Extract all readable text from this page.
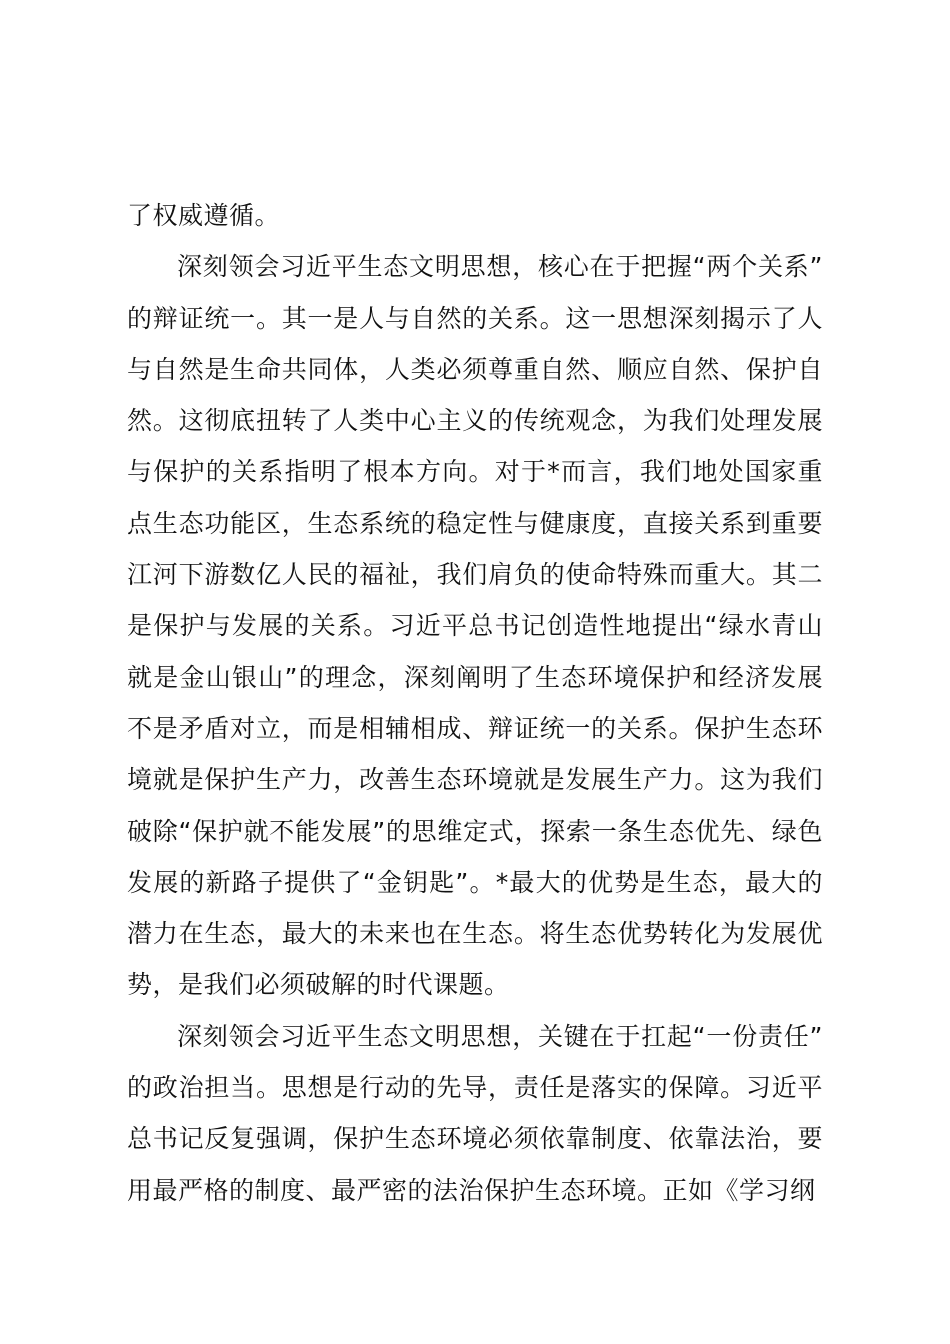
了权威遵循。

深刻领会习近平生态文明思想，核心在于把握“两个关系”的辩证统一。其一是人与自然的关系。这一思想深刻揭示了人与自然是生命共同体，人类必须尊重自然、顺应自然、保护自然。这彻底扭转了人类中心主义的传统观念，为我们处理发展与保护的关系指明了根本方向。对于*而言，我们地处国家重点生态功能区，生态系统的稳定性与健康度，直接关系到重要江河下游数亿人民的福祉，我们肩负的使命特殊而重大。其二是保护与发展的关系。习近平总书记创造性地提出“绿水青山就是金山银山”的理念，深刻阐明了生态环境保护和经济发展不是矛盾对立，而是相辅相成、辩证统一的关系。保护生态环境就是保护生产力，改善生态环境就是发展生产力。这为我们破除“保护就不能发展”的思维定式，探索一条生态优先、绿色发展的新路子提供了“金钥匙”。*最大的优势是生态，最大的潜力在生态，最大的未来也在生态。将生态优势转化为发展优势，是我们必须破解的时代课题。

深刻领会习近平生态文明思想，关键在于扛起“一份责任”的政治担当。思想是行动的先导，责任是落实的保障。习近平总书记反复强调，保护生态环境必须依靠制度、依靠法治，要用最严格的制度、最严密的法治保护生态环境。正如《学习纲
